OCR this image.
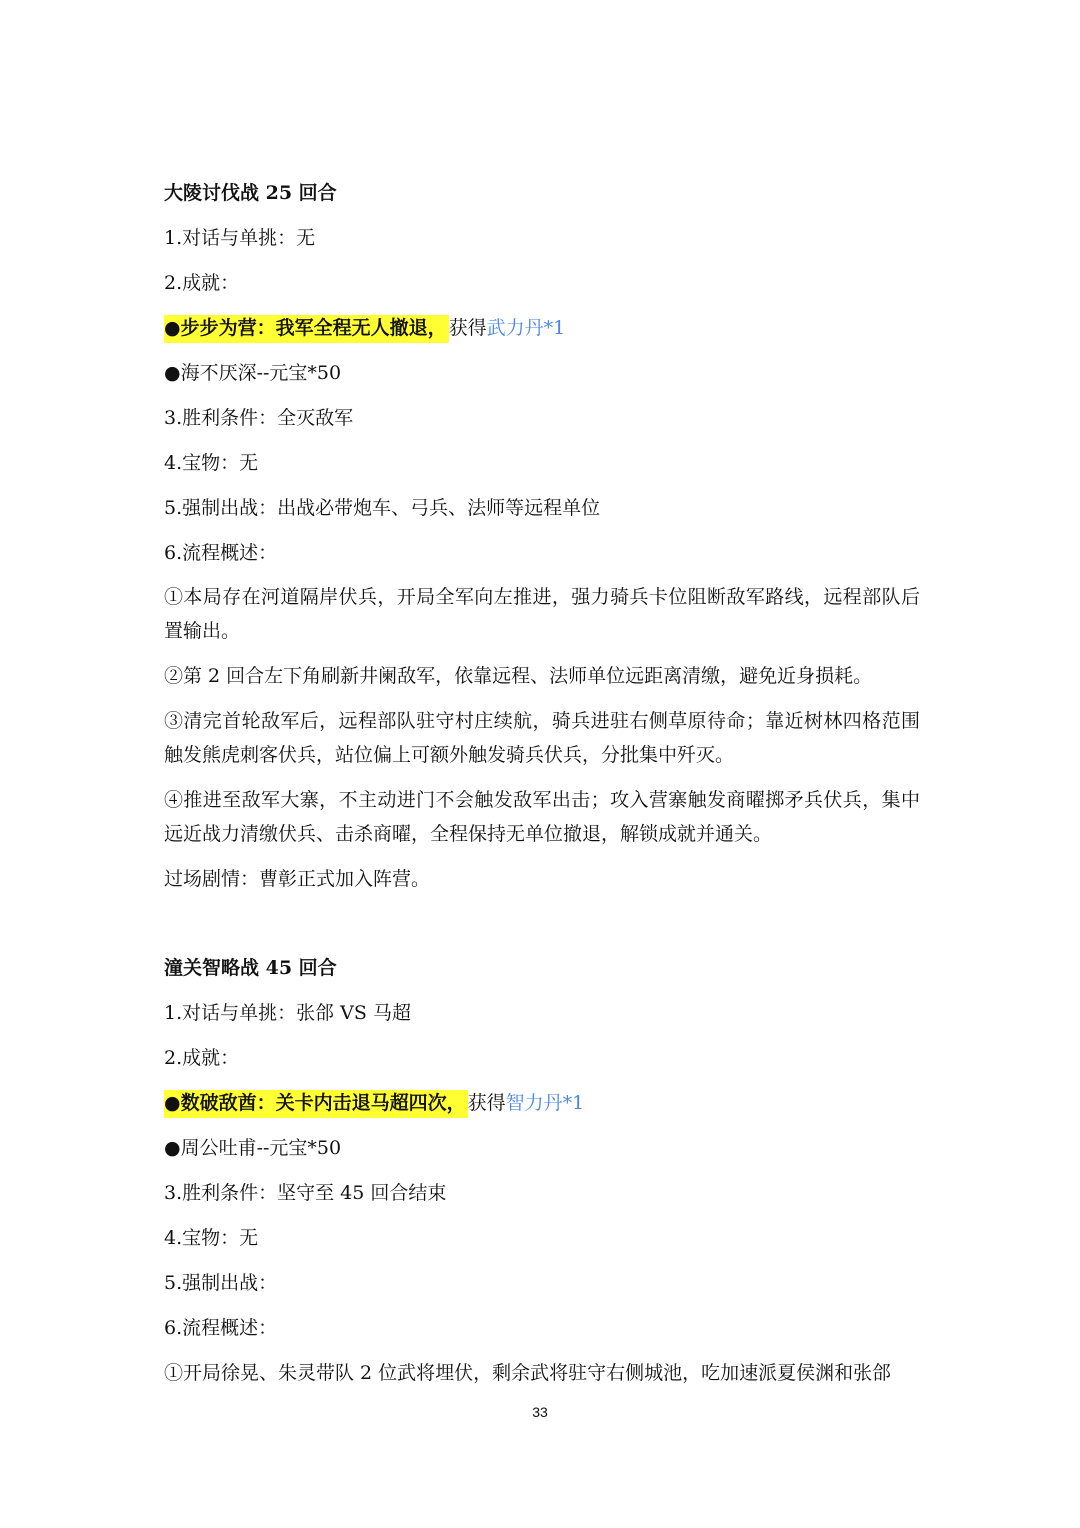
大陵讨伐战 25 回合
1.对话与单挑：无
2.成就：
●步步为营：我军全程无人撤退， 获得武力丹*1
●海不厌深--元宝*50
3.胜利条件：全灭敌军
4.宝物：无
5.强制出战：出战必带炮车、弓兵、法师等远程单位
6.流程概述：
①本局存在河道隔岸伏兵，开局全军向左推进，强力骑兵卡位阻断敌军路线，远程部队后置输出。
②第 2 回合左下角刷新井阑敌军，依靠远程、法师单位远距离清缴，避免近身损耗。
③清完首轮敌军后，远程部队驻守村庄续航，骑兵进驻右侧草原待命；靠近树林四格范围触发熊虎刺客伏兵，站位偏上可额外触发骑兵伏兵，分批集中歼灭。
④推进至敌军大寨，不主动进门不会触发敌军出击；攻入营寨触发商曜掷矛兵伏兵，集中远近战力清缴伏兵、击杀商曜，全程保持无单位撤退，解锁成就并通关。
过场剧情：曹彰正式加入阵营。
潼关智略战 45 回合
1.对话与单挑：张郃 VS 马超
2.成就：
●数破敌酋：关卡内击退马超四次， 获得智力丹*1
●周公吐甫--元宝*50
3.胜利条件：坚守至 45 回合结束
4.宝物：无
5.强制出战：
6.流程概述：
①开局徐晃、朱灵带队 2 位武将埋伏，剩余武将驻守右侧城池，吃加速派夏侯渊和张郃
33
